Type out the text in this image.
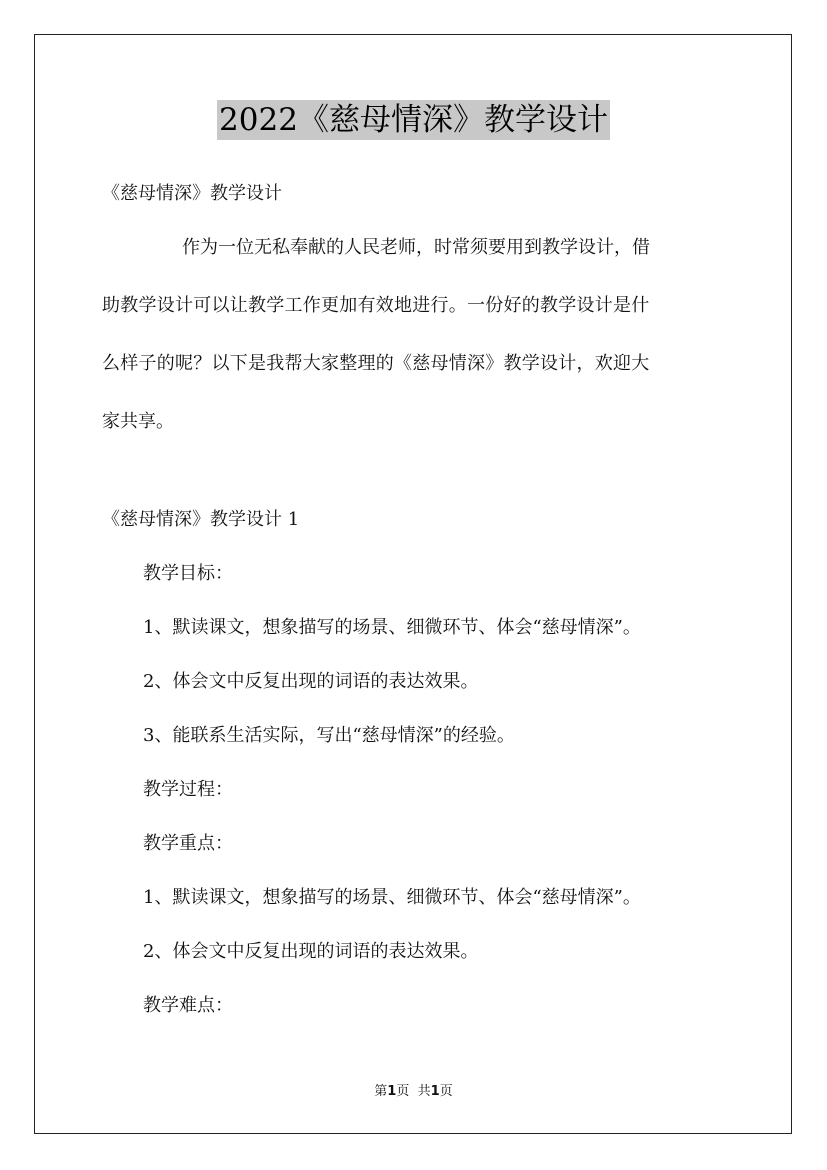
2022《慈母情深》教学设计
《慈母情深》教学设计
作为一位无私奉献的人民老师，时常须要用到教学设计，借
助教学设计可以让教学工作更加有效地进行。一份好的教学设计是什
么样子的呢？以下是我帮大家整理的《慈母情深》教学设计，欢迎大
家共享。
《慈母情深》教学设计 1
教学目标：
1、默读课文，想象描写的场景、细微环节、体会“慈母情深”。
2、体会文中反复出现的词语的表达效果。
3、能联系生活实际，写出“慈母情深”的经验。
教学过程：
教学重点：
1、默读课文，想象描写的场景、细微环节、体会“慈母情深”。
2、体会文中反复出现的词语的表达效果。
教学难点：
第1页 共1页
